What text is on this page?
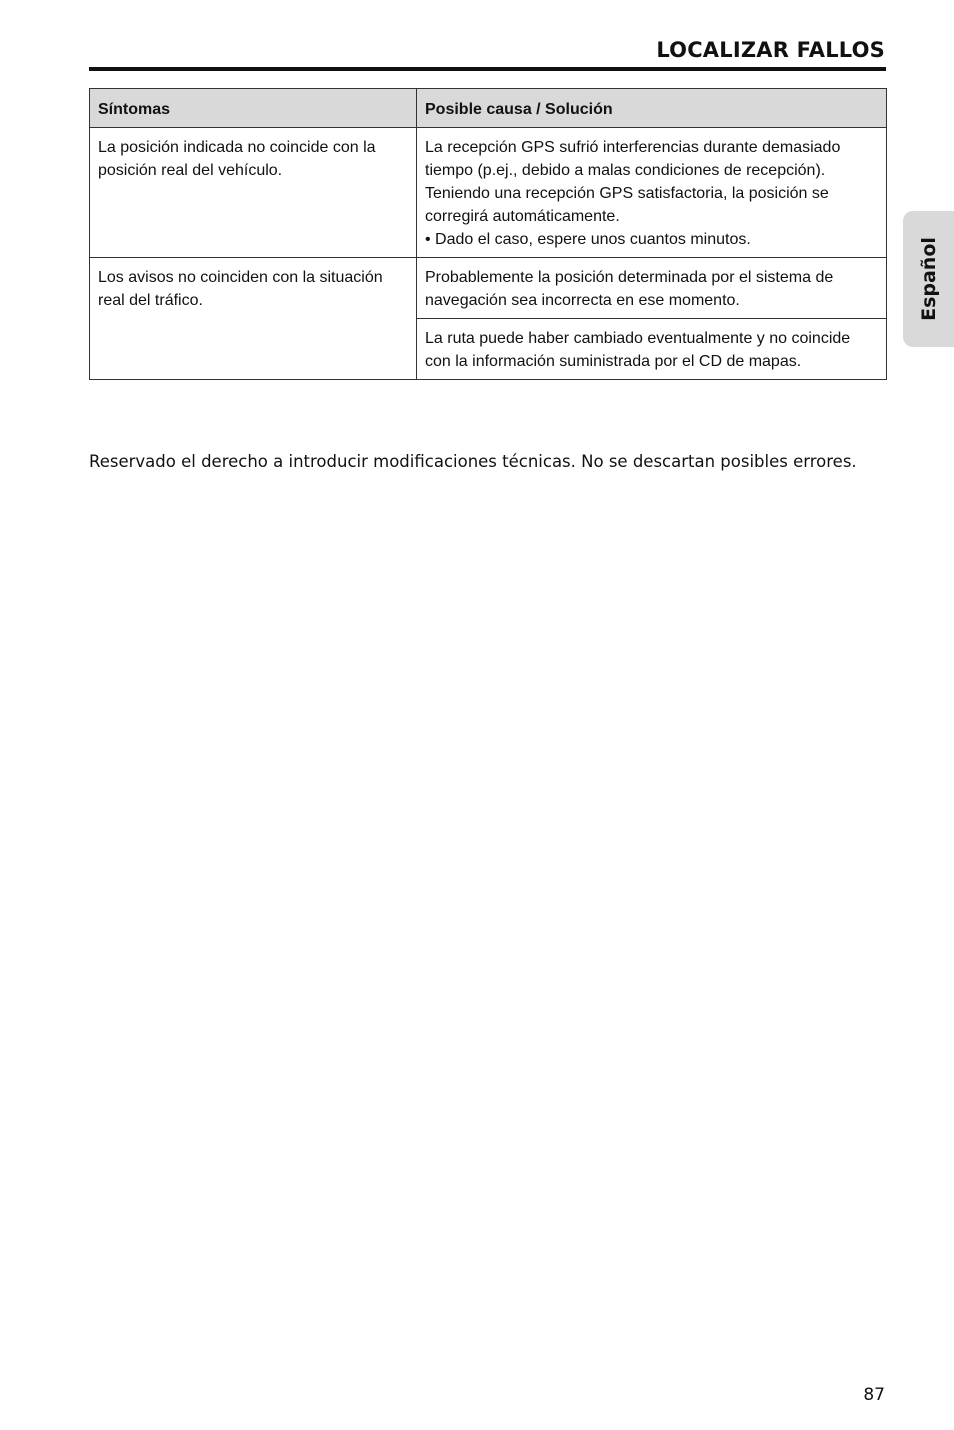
LOCALIZAR FALLOS
Español
Síntomas	Posible causa / Solución

La posición indicada no coincide con la
posición real del vehículo.	La recepción GPS sufrió interferencias durante demasiado
tiempo (p.ej., debido a malas condiciones de recepción).
Teniendo una recepción GPS satisfactoria, la posición se
corregirá automáticamente.
• Dado el caso, espere unos cuantos minutos.

Los avisos no coinciden con la situación
real del tráfico.	Probablemente la posición determinada por el sistema de
navegación sea incorrecta en ese momento.

	La ruta puede haber cambiado eventualmente y no coincide
con la información suministrada por el CD de mapas.

Reservado el derecho a introducir modificaciones técnicas. No se descartan posibles errores.

87
